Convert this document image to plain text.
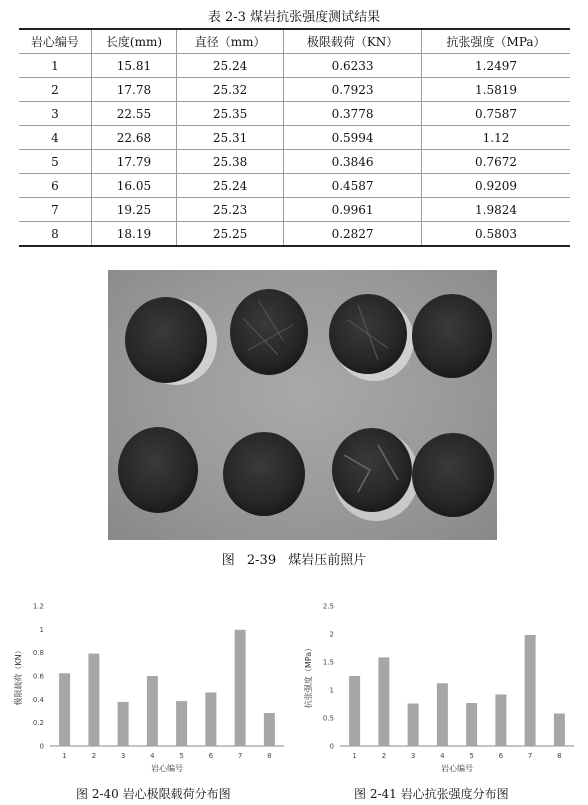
表 2-3 煤岩抗张强度测试结果
岩心编号	长度(mm)	直径（mm）	极限载荷（KN）	抗张强度（MPa）
1	15.81	25.24	0.6233	1.2497
2	17.78	25.32	0.7923	1.5819
3	22.55	25.35	0.3778	0.7587
4	22.68	25.31	0.5994	1.12
5	17.79	25.38	0.3846	0.7672
6	16.05	25.24	0.4587	0.9209
7	19.25	25.23	0.9961	1.9824
8	18.19	25.25	0.2827	0.5803
图 2-39 煤岩压前照片
0
0.2
0.4
0.6
0.8
1
1.2
1	2	3	4	5	6	7	8
岩心编号
极限载荷（KN）
0
0.5
1
1.5
2
2.5
1	2	3	4	5	6	7	8
岩心编号
抗张强度（MPa）
图 2-40 岩心极限载荷分布图	图 2-41 岩心抗张强度分布图
